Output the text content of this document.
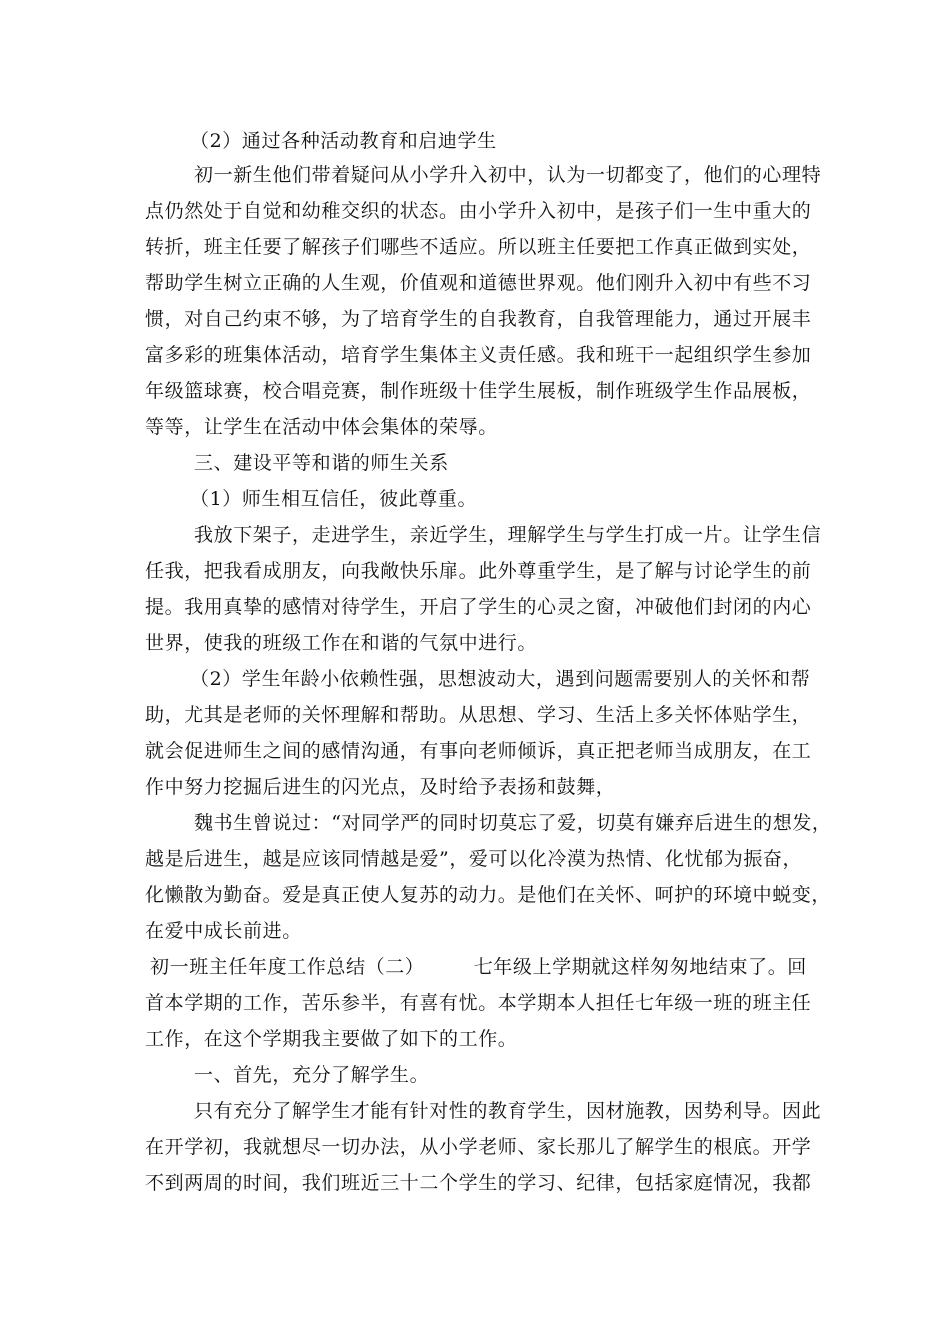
（2）通过各种活动教育和启迪学生
初一新生他们带着疑问从小学升入初中，认为一切都变了，他们的心理特
点仍然处于自觉和幼稚交织的状态。由小学升入初中，是孩子们一生中重大的
转折，班主任要了解孩子们哪些不适应。所以班主任要把工作真正做到实处，
帮助学生树立正确的人生观，价值观和道德世界观。他们刚升入初中有些不习
惯，对自己约束不够，为了培育学生的自我教育，自我管理能力，通过开展丰
富多彩的班集体活动，培育学生集体主义责任感。我和班干一起组织学生参加
年级篮球赛，校合唱竞赛，制作班级十佳学生展板，制作班级学生作品展板，
等等，让学生在活动中体会集体的荣辱。
三、建设平等和谐的师生关系
（1）师生相互信任，彼此尊重。
我放下架子，走进学生，亲近学生，理解学生与学生打成一片。让学生信
任我，把我看成朋友，向我敞快乐扉。此外尊重学生，是了解与讨论学生的前
提。我用真挚的感情对待学生，开启了学生的心灵之窗，冲破他们封闭的内心
世界，使我的班级工作在和谐的气氛中进行。
（2）学生年龄小依赖性强，思想波动大，遇到问题需要别人的关怀和帮
助，尤其是老师的关怀理解和帮助。从思想、学习、生活上多关怀体贴学生，
就会促进师生之间的感情沟通，有事向老师倾诉，真正把老师当成朋友，在工
作中努力挖掘后进生的闪光点，及时给予表扬和鼓舞，
魏书生曾说过：“对同学严的同时切莫忘了爱，切莫有嫌弃后进生的想发，
越是后进生，越是应该同情越是爱”，爱可以化冷漠为热情、化忧郁为振奋，
化懒散为勤奋。爱是真正使人复苏的动力。是他们在关怀、呵护的环境中蜕变，
在爱中成长前进。
初一班主任年度工作总结（二）　　　七年级上学期就这样匆匆地结束了。回
首本学期的工作，苦乐参半，有喜有忧。本学期本人担任七年级一班的班主任
工作，在这个学期我主要做了如下的工作。
一、首先，充分了解学生。
只有充分了解学生才能有针对性的教育学生，因材施教，因势利导。因此
在开学初，我就想尽一切办法，从小学老师、家长那儿了解学生的根底。开学
不到两周的时间，我们班近三十二个学生的学习、纪律，包括家庭情况，我都
